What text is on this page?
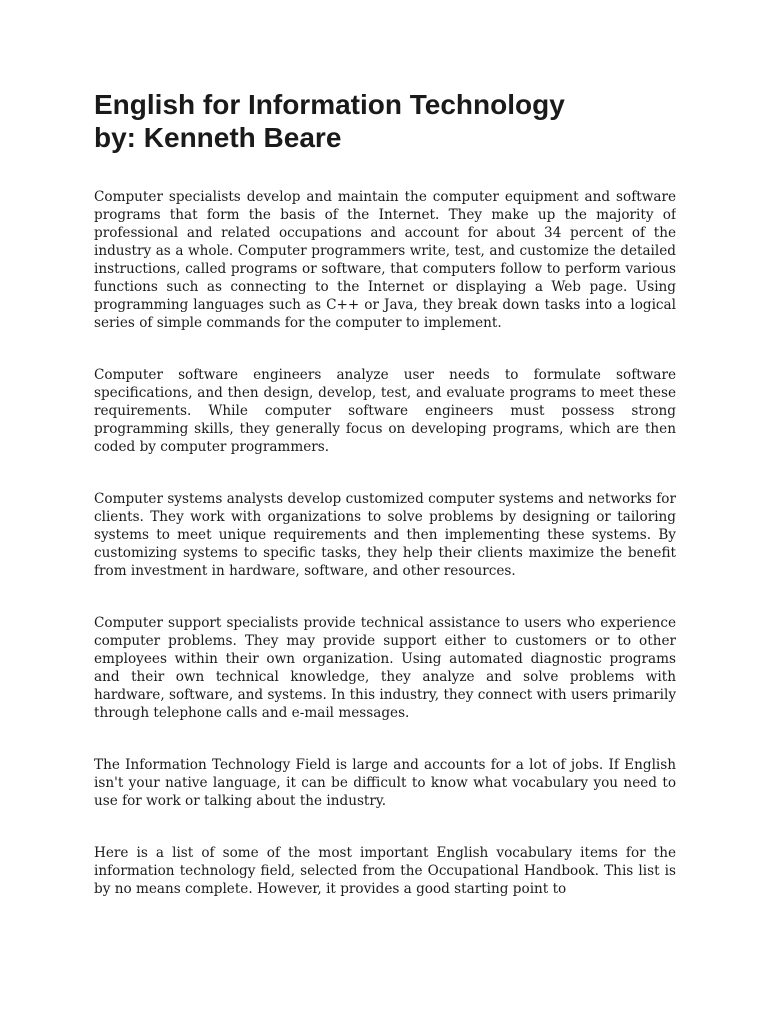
English for Information Technology
by: Kenneth Beare

Computer specialists develop and maintain the computer equipment and software programs that form the basis of the Internet. They make up the majority of professional and related occupations and account for about 34 percent of the industry as a whole. Computer programmers write, test, and customize the detailed instructions, called programs or software, that computers follow to perform various functions such as connecting to the Internet or displaying a Web page. Using programming languages such as C++ or Java, they break down tasks into a logical series of simple commands for the computer to implement.

Computer software engineers analyze user needs to formulate software specifications, and then design, develop, test, and evaluate programs to meet these requirements. While computer software engineers must possess strong programming skills, they generally focus on developing programs, which are then coded by computer programmers.

Computer systems analysts develop customized computer systems and networks for clients. They work with organizations to solve problems by designing or tailoring systems to meet unique requirements and then implementing these systems. By customizing systems to specific tasks, they help their clients maximize the benefit from investment in hardware, software, and other resources.

Computer support specialists provide technical assistance to users who experience computer problems. They may provide support either to customers or to other employees within their own organization. Using automated diagnostic programs and their own technical knowledge, they analyze and solve problems with hardware, software, and systems. In this industry, they connect with users primarily through telephone calls and e-mail messages.

The Information Technology Field is large and accounts for a lot of jobs. If English isn't your native language, it can be difficult to know what vocabulary you need to use for work or talking about the industry.

Here is a list of some of the most important English vocabulary items for the information technology field, selected from the Occupational Handbook. This list is by no means complete. However, it provides a good starting point to
